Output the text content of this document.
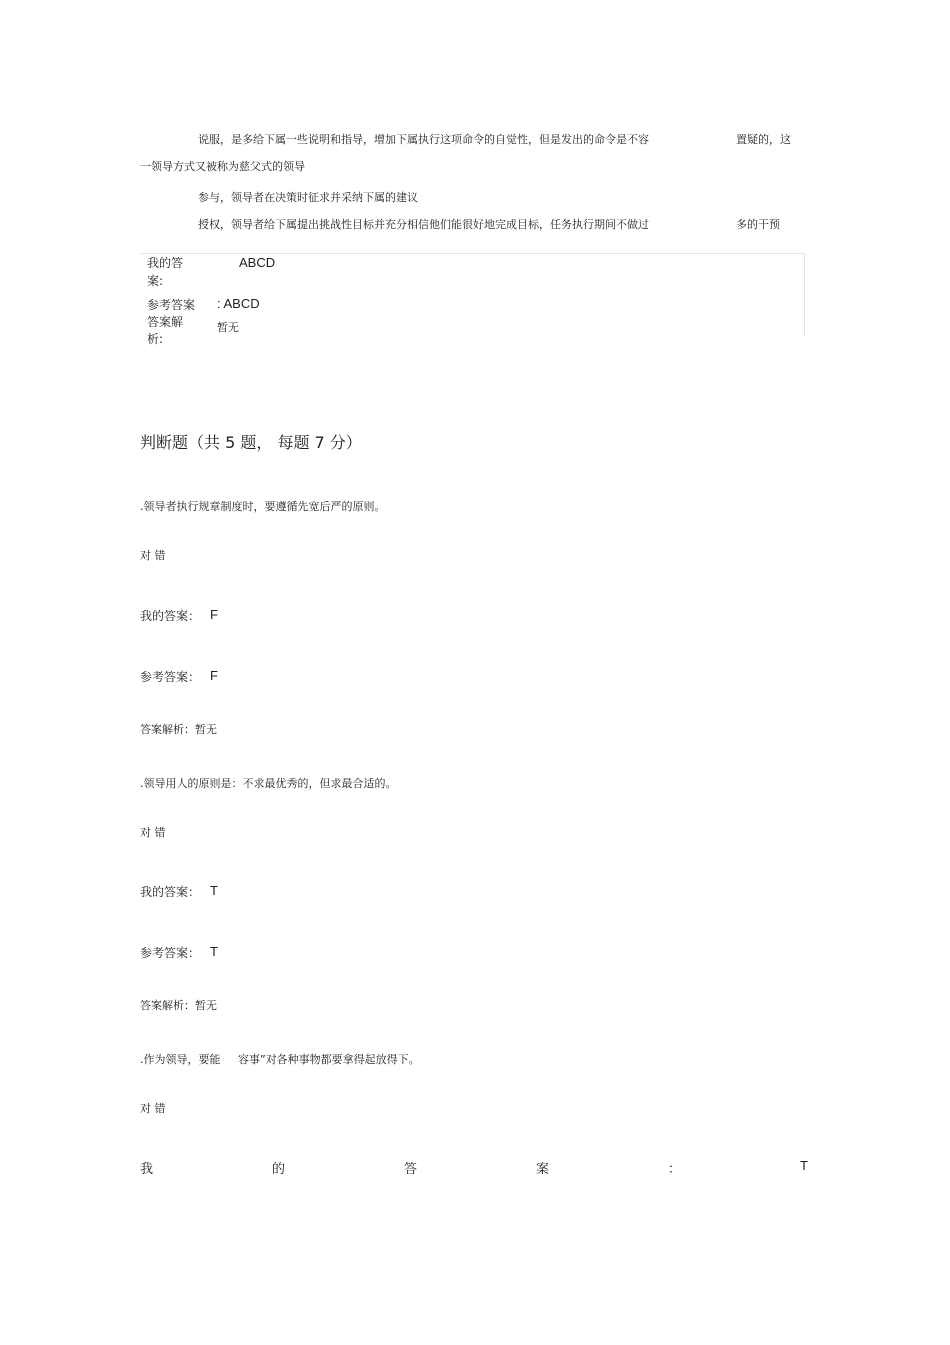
说服，是多给下属一些说明和指导，增加下属执行这项命令的自觉性，但是发出的命令是不容	置疑的，这
一领导方式又被称为慈父式的领导
参与，领导者在决策时征求并采纳下属的建议
授权，领导者给下属提出挑战性目标并充分相信他们能很好地完成目标，任务执行期间不做过	多的干预
我的答
案:
ABCD
参考答案 : ABCD
答案解
析:
暂无
判断题（共 5 题， 每题 7 分）
.领导者执行规章制度时，要遵循先宽后严的原则。
对 错
我的答案： F
参考答案： F
答案解析：暂无
.领导用人的原则是：不求最优秀的，但求最合适的。
对 错
我的答案： T
参考答案： T
答案解析：暂无
.作为领导，要能     容事”对各种事物都要拿得起放得下。
对 错
我	的	答	案	：	T
